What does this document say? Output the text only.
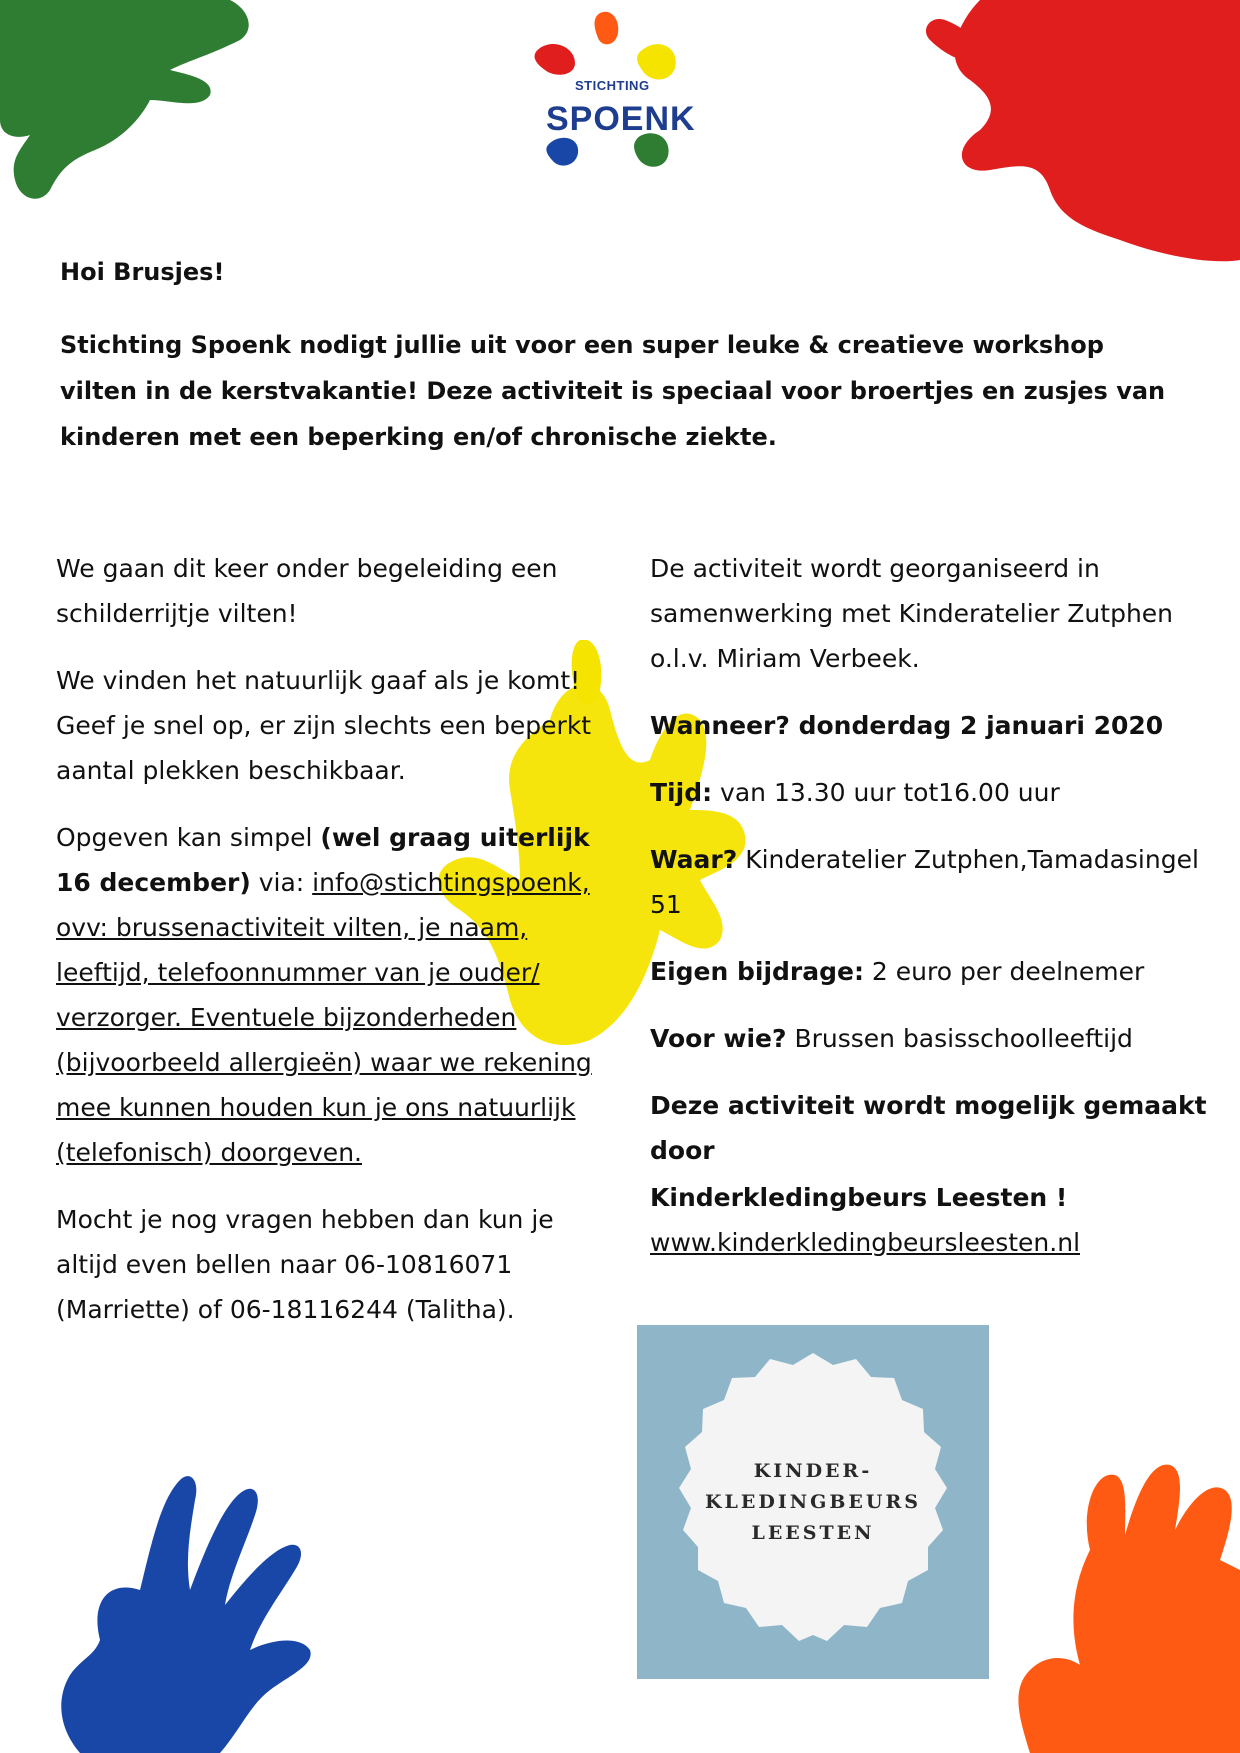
STICHTING
SPOENK
Hoi Brusjes!
Stichting Spoenk nodigt jullie uit voor een super leuke & creatieve workshop vilten in de kerstvakantie! Deze activiteit is speciaal voor broertjes en zusjes van kinderen met een beperking en/of chronische ziekte.

We gaan dit keer onder begeleiding een schilderrijtje vilten!

We vinden het natuurlijk gaaf als je komt! Geef je snel op, er zijn slechts een beperkt aantal plekken beschikbaar.

Opgeven kan simpel (wel graag uiterlijk 16 december) via: info@stichtingspoenk, ovv: brussenactiviteit vilten, je naam, leeftijd, telefoonnummer van je ouder/ verzorger. Eventuele bijzonderheden (bijvoorbeeld allergieën) waar we rekening mee kunnen houden kun je ons natuurlijk (telefonisch) doorgeven.

Mocht je nog vragen hebben dan kun je altijd even bellen naar 06-10816071 (Marriette) of 06-18116244 (Talitha).

De activiteit wordt georganiseerd in samenwerking met Kinderatelier Zutphen o.l.v. Miriam Verbeek.

Wanneer? donderdag 2 januari 2020

Tijd: van 13.30 uur tot16.00 uur

Waar? Kinderatelier Zutphen,Tamadasingel 51

Eigen bijdrage: 2 euro per deelnemer

Voor wie? Brussen basisschoolleeftijd

Deze activiteit wordt mogelijk gemaakt door

Kinderkledingbeurs Leesten !

www.kinderkledingbeursleesten.nl

KINDER-
KLEDINGBEURS
LEESTEN
